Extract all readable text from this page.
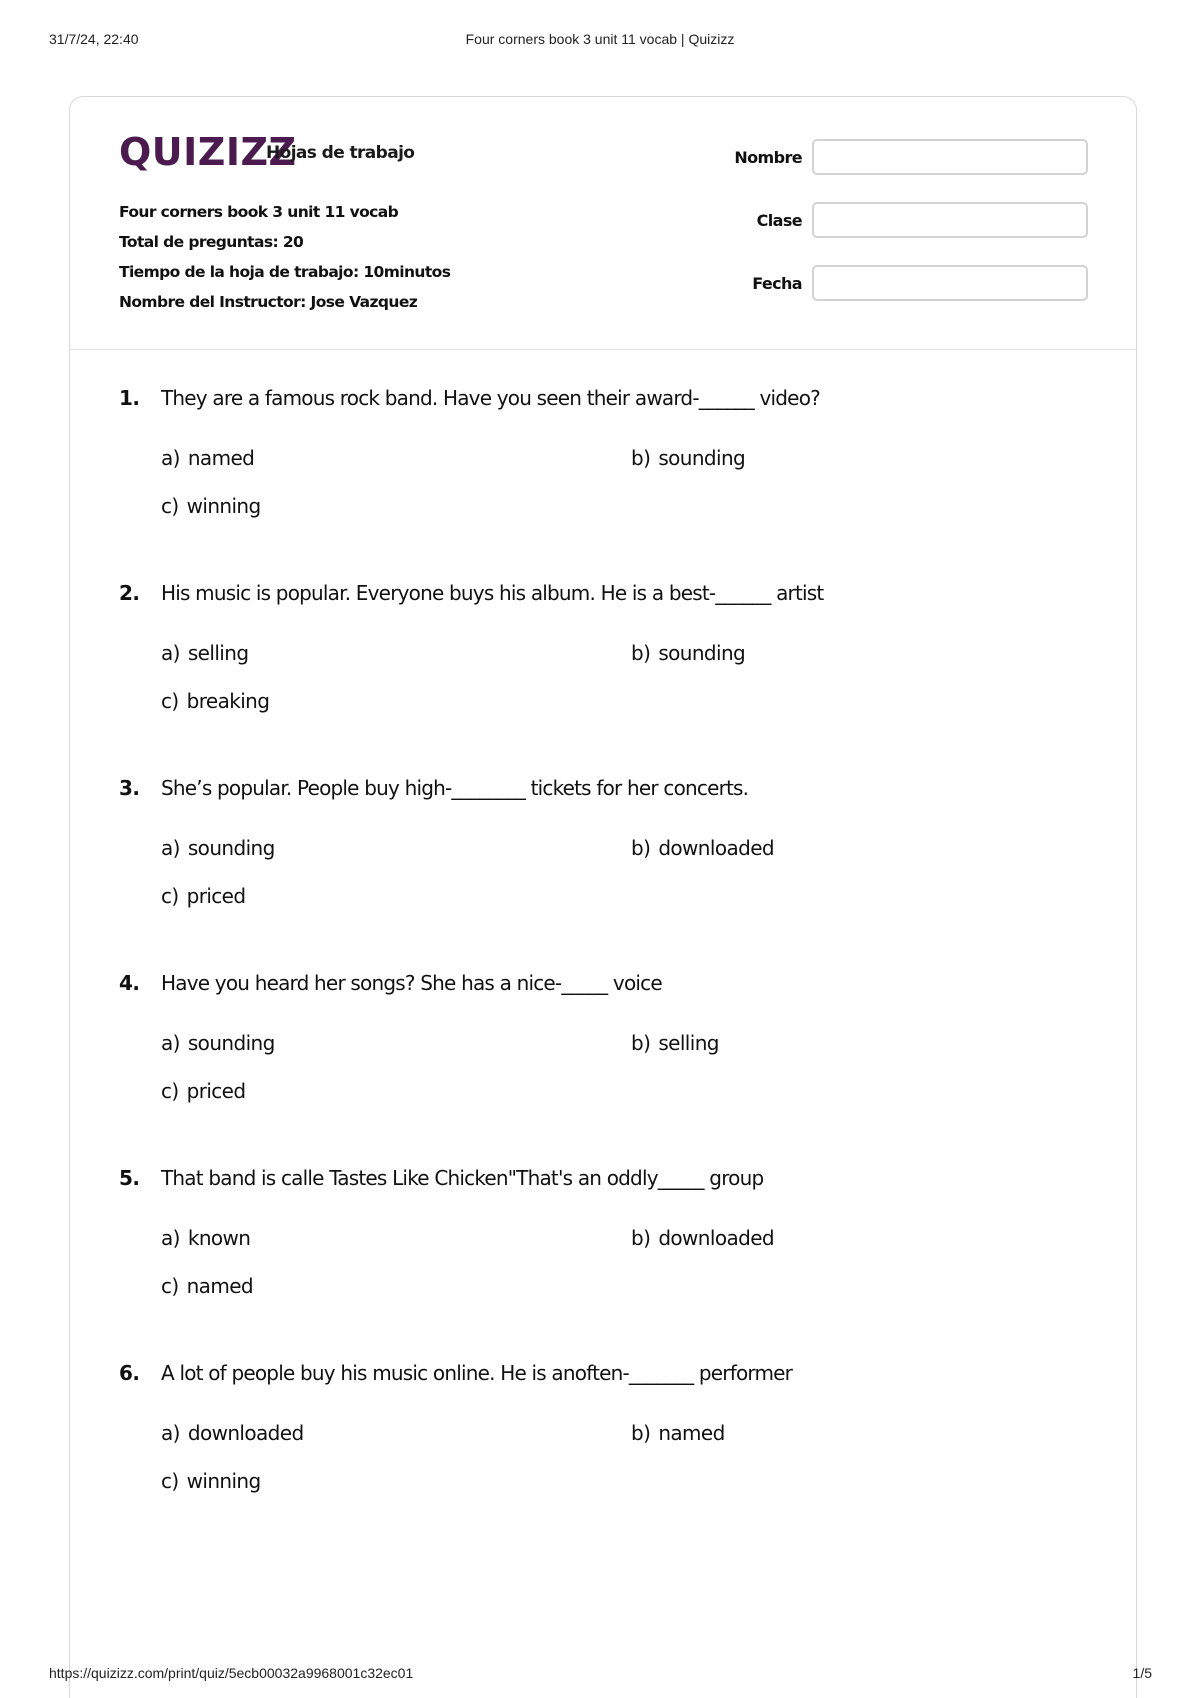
31/7/24, 22:40	Four corners book 3 unit 11 vocab | Quizizz
QUIZIZZ
Hojas de trabajo
Four corners book 3 unit 11 vocab
Total de preguntas: 20
Tiempo de la hoja de trabajo: 10minutos
Nombre del Instructor: Jose Vazquez
Nombre
Clase
Fecha
1. They are a famous rock band. Have you seen their award-______ video?
a) named	b) sounding
c) winning
2. His music is popular. Everyone buys his album. He is a best-______ artist
a) selling	b) sounding
c) breaking
3. She’s popular. People buy high-________ tickets for her concerts.
a) sounding	b) downloaded
c) priced
4. Have you heard her songs? She has a nice-_____ voice
a) sounding	b) selling
c) priced
5. That band is calle Tastes Like Chicken"That's an oddly_____ group
a) known	b) downloaded
c) named
6. A lot of people buy his music online. He is anoften-_______ performer
a) downloaded	b) named
c) winning
https://quizizz.com/print/quiz/5ecb00032a9968001c32ec01	1/5
